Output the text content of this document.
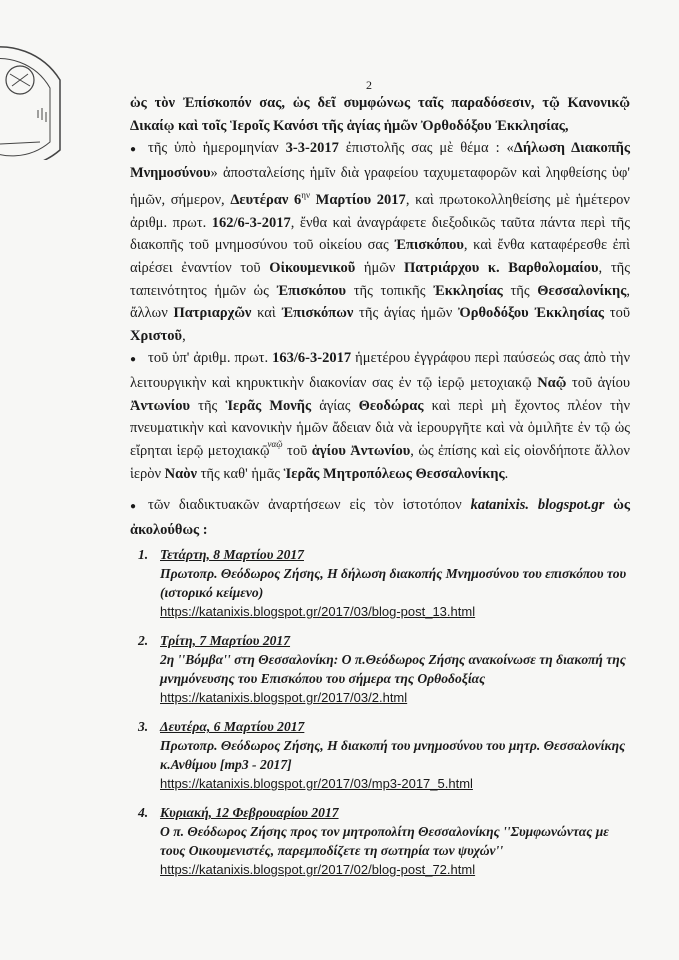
2

ὡς τὸν Ἐπίσκοπόν σας, ὡς δεῖ συμφώνως ταῖς παραδόσεσιν, τῷ Κανονικῷ Δικαίῳ καὶ τοῖς Ἱεροῖς Κανόσι τῆς ἁγίας ἡμῶν Ὀρθοδόξου Ἐκκλησίας,

● τῆς ὑπὸ ἡμερομηνίαν 3-3-2017 ἐπιστολῆς σας μὲ θέμα : «Δήλωση Διακοπῆς Μνημοσύνου» ἀποσταλείσης ἡμῖν διὰ γραφείου ταχυμεταφορῶν καὶ ληφθείσης ὑφ' ἡμῶν, σήμερον, Δευτέραν $6^{\eta\nu}$ Μαρτίου 2017, καὶ πρωτοκολληθείσης μὲ ἡμέτερον ἀριθμ. πρωτ. 162/6-3-2017, ἔνθα καὶ ἀναγράφετε διεξοδικῶς ταῦτα πάντα περὶ τῆς διακοπῆς τοῦ μνημοσύνου τοῦ οἰκείου σας Ἐπισκόπου, καὶ ἔνθα καταφέρεσθε ἐπὶ αἱρέσει ἐναντίον τοῦ Οἰκουμενικοῦ ἡμῶν Πατριάρχου κ. Βαρθολομαίου, τῆς ταπεινότητος ἡμῶν ὡς Ἐπισκόπου τῆς τοπικῆς Ἐκκλησίας τῆς Θεσσαλονίκης, ἄλλων Πατριαρχῶν καὶ Ἐπισκόπων τῆς ἁγίας ἡμῶν Ὀρθοδόξου Ἐκκλησίας τοῦ Χριστοῦ,

● τοῦ ὑπ' ἀριθμ. πρωτ. 163/6-3-2017 ἡμετέρου ἐγγράφου περὶ παύσεώς σας ἀπὸ τὴν λειτουργικὴν καὶ κηρυκτικὴν διακονίαν σας ἐν τῷ ἱερῷ μετοχιακῷ Ναῷ τοῦ ἁγίου Ἀντωνίου τῆς Ἱερᾶς Μονῆς ἁγίας Θεοδώρας καὶ περὶ μὴ ἔχοντος πλέον τὴν πνευματικὴν καὶ κανονικὴν ἡμῶν ἄδειαν διὰ νὰ ἱερουργῆτε καὶ νὰ ὁμιλῆτε ἐν τῷ ὡς εἴρηται ἱερῷ μετοχιακῷ$^{\nu\alpha ῷ}$ τοῦ ἁγίου Ἀντωνίου, ὡς ἐπίσης καὶ εἰς οἱονδήποτε ἄλλον ἱερὸν Ναὸν τῆς καθ' ἡμᾶς Ἱερᾶς Μητροπόλεως Θεσσαλονίκης.

● τῶν διαδικτυακῶν ἀναρτήσεων εἰς τὸν ἱστοτόπον katanixis. blogspot.gr ὡς ἀκολούθως :

1. Τετάρτη, 8 Μαρτίου 2017
Πρωτοπρ. Θεόδωρος Ζήσης, Η δήλωση διακοπής Μνημοσύνου του επισκόπου του (ιστορικό κείμενο)
https://katanixis.blogspot.gr/2017/03/blog-post_13.html
2. Τρίτη, 7 Μαρτίου 2017
2η ''Βόμβα'' στη Θεσσαλονίκη: Ο π.Θεόδωρος Ζήσης ανακοίνωσε τη διακοπή της μνημόνευσης του Επισκόπου του σήμερα της Ορθοδοξίας
https://katanixis.blogspot.gr/2017/03/2.html
3. Δευτέρα, 6 Μαρτίου 2017
Πρωτοπρ. Θεόδωρος Ζήσης, Η διακοπή του μνημοσύνου του μητρ. Θεσσαλονίκης κ.Ανθίμου [mp3 - 2017]
https://katanixis.blogspot.gr/2017/03/mp3-2017_5.html
4. Κυριακή, 12 Φεβρουαρίου 2017
Ο π. Θεόδωρος Ζήσης προς τον μητροπολίτη Θεσσαλονίκης ''Συμφωνώντας με τους Οικουμενιστές, παρεμποδίζετε τη σωτηρία των ψυχών''
https://katanixis.blogspot.gr/2017/02/blog-post_72.html
